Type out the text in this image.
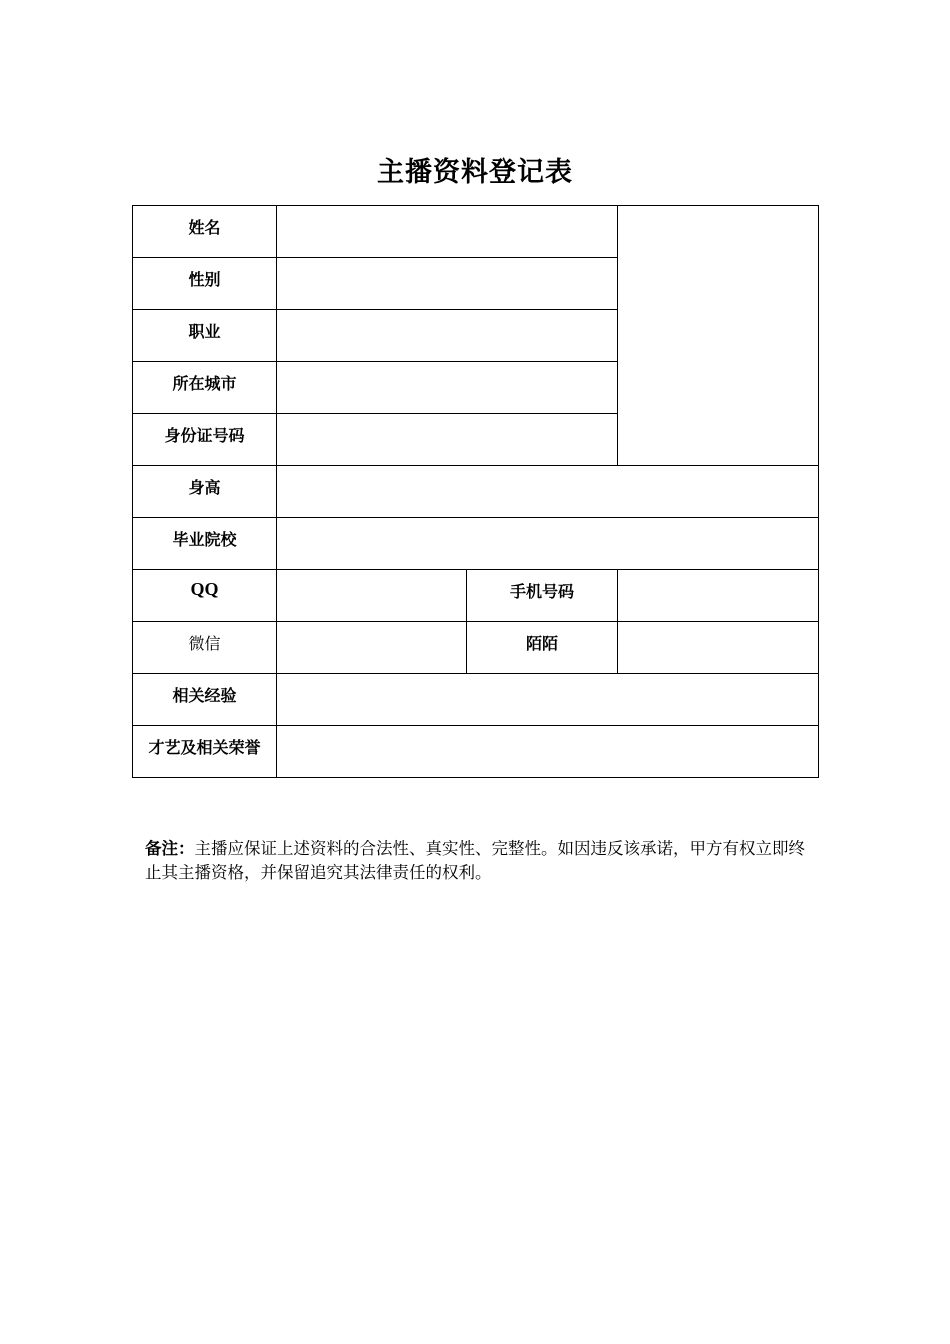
主播资料登记表
姓名			
性别			
职业			
所在城市			
身份证号码			
身高			
毕业院校			
QQ		手机号码	
微信		陌陌	
相关经验			
才艺及相关荣誉			
备注：主播应保证上述资料的合法性、真实性、完整性。如因违反该承诺，甲方有权立即终止其主播资格，并保留追究其法律责任的权利。
